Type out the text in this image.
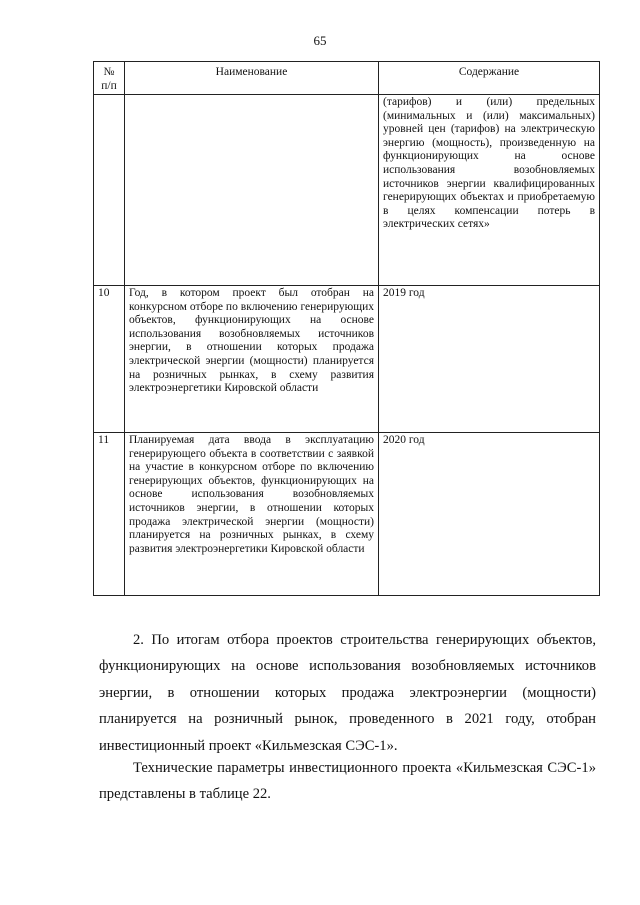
65
№ п/п	Наименование	Содержание
		(тарифов) и (или) предельных (минимальных и (или) максимальных) уровней цен (тарифов) на электрическую энергию (мощность), произведенную на функционирующих на основе использования возобновляемых источников энергии квалифицированных генерирующих объектах и приобретаемую в целях компенсации потерь в электрических сетях»
10	Год, в котором проект был отобран на конкурсном отборе по включению генерирующих объектов, функционирующих на основе использования возобновляемых источников энергии, в отношении которых продажа электрической энергии (мощности) планируется на розничных рынках, в схему развития электроэнергетики Кировской области	2019 год
11	Планируемая дата ввода в эксплуатацию генерирующего объекта в соответствии с заявкой на участие в конкурсном отборе по включению генерирующих объектов, функционирующих на основе использования возобновляемых источников энергии, в отношении которых продажа электрической энергии (мощности) планируется на розничных рынках, в схему развития электроэнергетики Кировской области	2020 год

2. По итогам отбора проектов строительства генерирующих объектов, функционирующих на основе использования возобновляемых источников энергии, в отношении которых продажа электроэнергии (мощности) планируется на розничный рынок, проведенного в 2021 году, отобран инвестиционный проект «Кильмезская СЭС-1».

Технические параметры инвестиционного проекта «Кильмезская СЭС-1» представлены в таблице 22.
